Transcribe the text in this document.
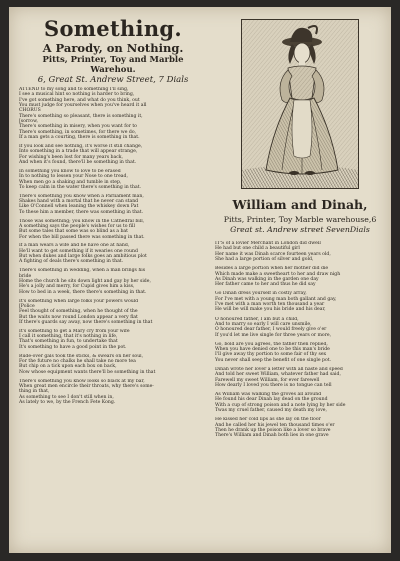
Something.
A Parody, on Nothing.
Pitts, Printer, Toy and Marble Warehou.
6, Great St. Andrew Street, 7 Dials
ATTEND to my song and to something I'll sing,
I see a musical hint so nothing is harder to bring,
I've got something here, and what do you think, out
You must judge for yourselves when you've heard it all
CHORUS
There's something so pleasant, there is something it,
[sorrow,
There's something in misery, when you want for to
There's something, in sometimes, for there we do,
If a man gets a courting, there is something in that.
If you look and see nothing, it's worse it still change,
Into something in a trade that will appear strange,
For wishing's been lost for many years back,
And when it's found, there'll be something in that.
In something you know to love to be erased
In to nothing to lessen your Nose to one tread,
When men go a shaking and tumble in step,
To keep calm in the water there's something in that.
There's something you know when a Parliament man,
Shakes hand with a mortal that he never can stand
Like O'Connell when leaning the whiskey down Pat
To these him a member, there was something in that.
Those was something; you know in the Cathedral bill,
A something says the people's wishes for us to fill
But some tales that some was so blind as a bat
For when the bill passed there was something in that.
If a man wears a wife and he have one at hand,
He'll want to get something if it wearies one round
But when dukes and large folks goes an ambitious plot
A fighting of deals there's something in that.
There's something in wedding, when a man brings his
bride
Home the church he sits down light and gay by her side,
He's a jolly and merry, for Cupid gives him a kiss,
How to bed in a week, there there's something in that.
It's something when large folks your powers would
[Police
Feel thought of something, when he thought of the
But the waits now round London appear a very flat
If there's guards say away, now there's something in that
It's something to get a Mary cry from your wife
I call it something, that it's nothing in life,
That's something in fun, to undertake that
It's something to have a good point in the pot.
Rude-over gals took the sticks, & swears on her soul,
For the future no chalks he shall take no more tea
But chip on a tick upon each box on back,
Now whose equipment wants there'll be something in that
There's something you know looks so black at my bar,
When great men encircle their throats, why there's some-
thing in that,
As something to see I don't still when in,
As lately to we, by the French Fete Kong.
William and Dinah,
Pitts, Printer, Toy Marble warehouse,6
Great st. Andrew street SevenDials
IT'S of a lovier Merchant in London did dwell
He had but one child a beautiful girl
Her name it was Dinah scarce fourteen years old,
She had a large portion of silver and gold,
Besides a large portion when her mother did die
Which made make a sweetheart to her and draw nigh
As Dinah was walking in the garden one day
Her father came to her and thus he did say
Go Dinah dress yourself in costly array,
For I've met with a young man both gallant and gay,
I've met with a man worth ten thousand a year
He will be will make you his bride and his dear,
O honoured father, I am but a child,
And to marry so early I will care unsmile,
O honoured dear father, I would freely give o'er
If you'd let me live single for three years or more,
Go, bold are you agrees, the father then replied,
When you have denied one to be this man's bride
I'll give away thy portion to some fair of thy sex
You never shall seep the benefit of one single pot.
Dinah wrote her lover a letter with all haste and speed
And told her sweet William, whatever father had said,
Farewell my sweet William, for ever farewell
How dearly I loved you there is no tongue can tell
As William was walking the groves all around
He found his dear Dinah lay dead on the ground
With a cup of strong poison and a note lying by her side
Twas my cruel father, caused my death my love,
He kissed her cold lips as she lay on the floor
And he called her his jewel ten thousand times o'er
Then he drank up the poison like a lover so brave
There's William and Dinah both lies in one grave
